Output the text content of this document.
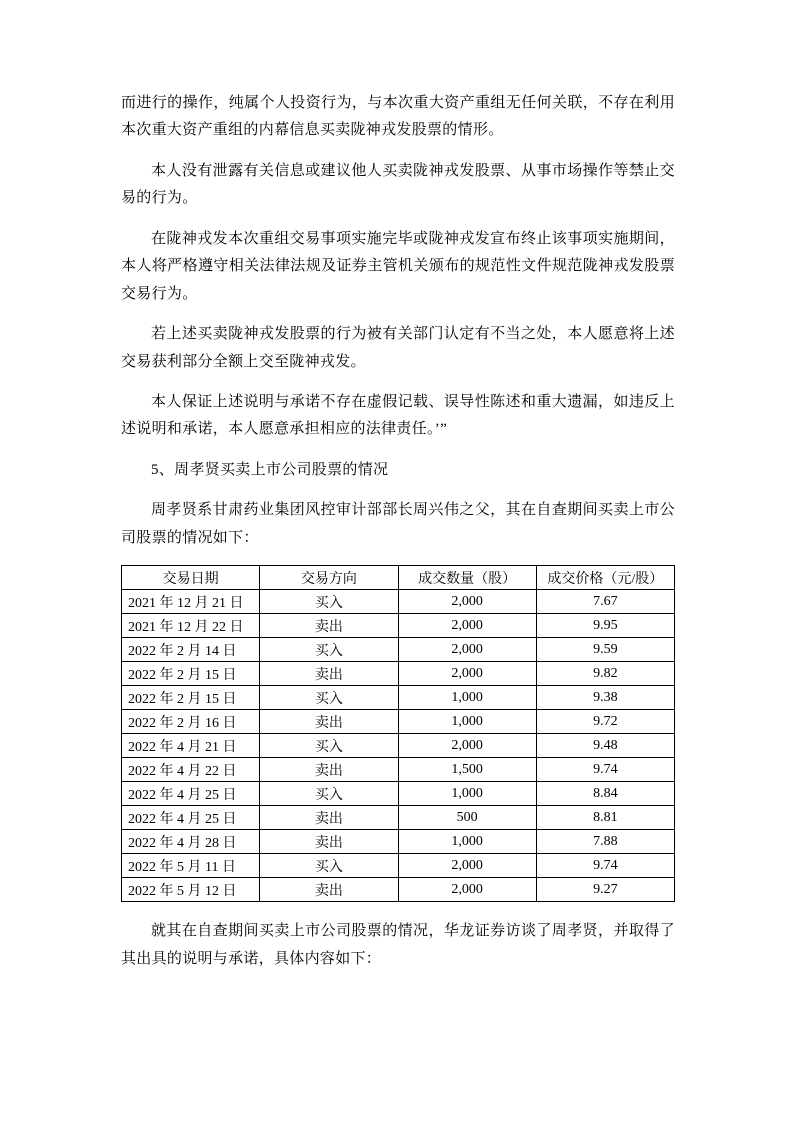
而进行的操作，纯属个人投资行为，与本次重大资产重组无任何关联，不存在利用本次重大资产重组的内幕信息买卖陇神戎发股票的情形。

本人没有泄露有关信息或建议他人买卖陇神戎发股票、从事市场操作等禁止交易的行为。

在陇神戎发本次重组交易事项实施完毕或陇神戎发宣布终止该事项实施期间，本人将严格遵守相关法律法规及证券主管机关颁布的规范性文件规范陇神戎发股票交易行为。

若上述买卖陇神戎发股票的行为被有关部门认定有不当之处，本人愿意将上述交易获利部分全额上交至陇神戎发。

本人保证上述说明与承诺不存在虚假记载、误导性陈述和重大遗漏，如违反上述说明和承诺，本人愿意承担相应的法律责任。’”

5、周孝贤买卖上市公司股票的情况

周孝贤系甘肃药业集团风控审计部部长周兴伟之父，其在自查期间买卖上市公司股票的情况如下：

交易日期	交易方向	成交数量（股）	成交价格（元/股）
2021 年 12 月 21 日	买入	2,000	7.67
2021 年 12 月 22 日	卖出	2,000	9.95
2022 年 2 月 14 日	买入	2,000	9.59
2022 年 2 月 15 日	卖出	2,000	9.82
2022 年 2 月 15 日	买入	1,000	9.38
2022 年 2 月 16 日	卖出	1,000	9.72
2022 年 4 月 21 日	买入	2,000	9.48
2022 年 4 月 22 日	卖出	1,500	9.74
2022 年 4 月 25 日	买入	1,000	8.84
2022 年 4 月 25 日	卖出	500	8.81
2022 年 4 月 28 日	卖出	1,000	7.88
2022 年 5 月 11 日	买入	2,000	9.74
2022 年 5 月 12 日	卖出	2,000	9.27

就其在自查期间买卖上市公司股票的情况，华龙证券访谈了周孝贤，并取得了其出具的说明与承诺，具体内容如下：
